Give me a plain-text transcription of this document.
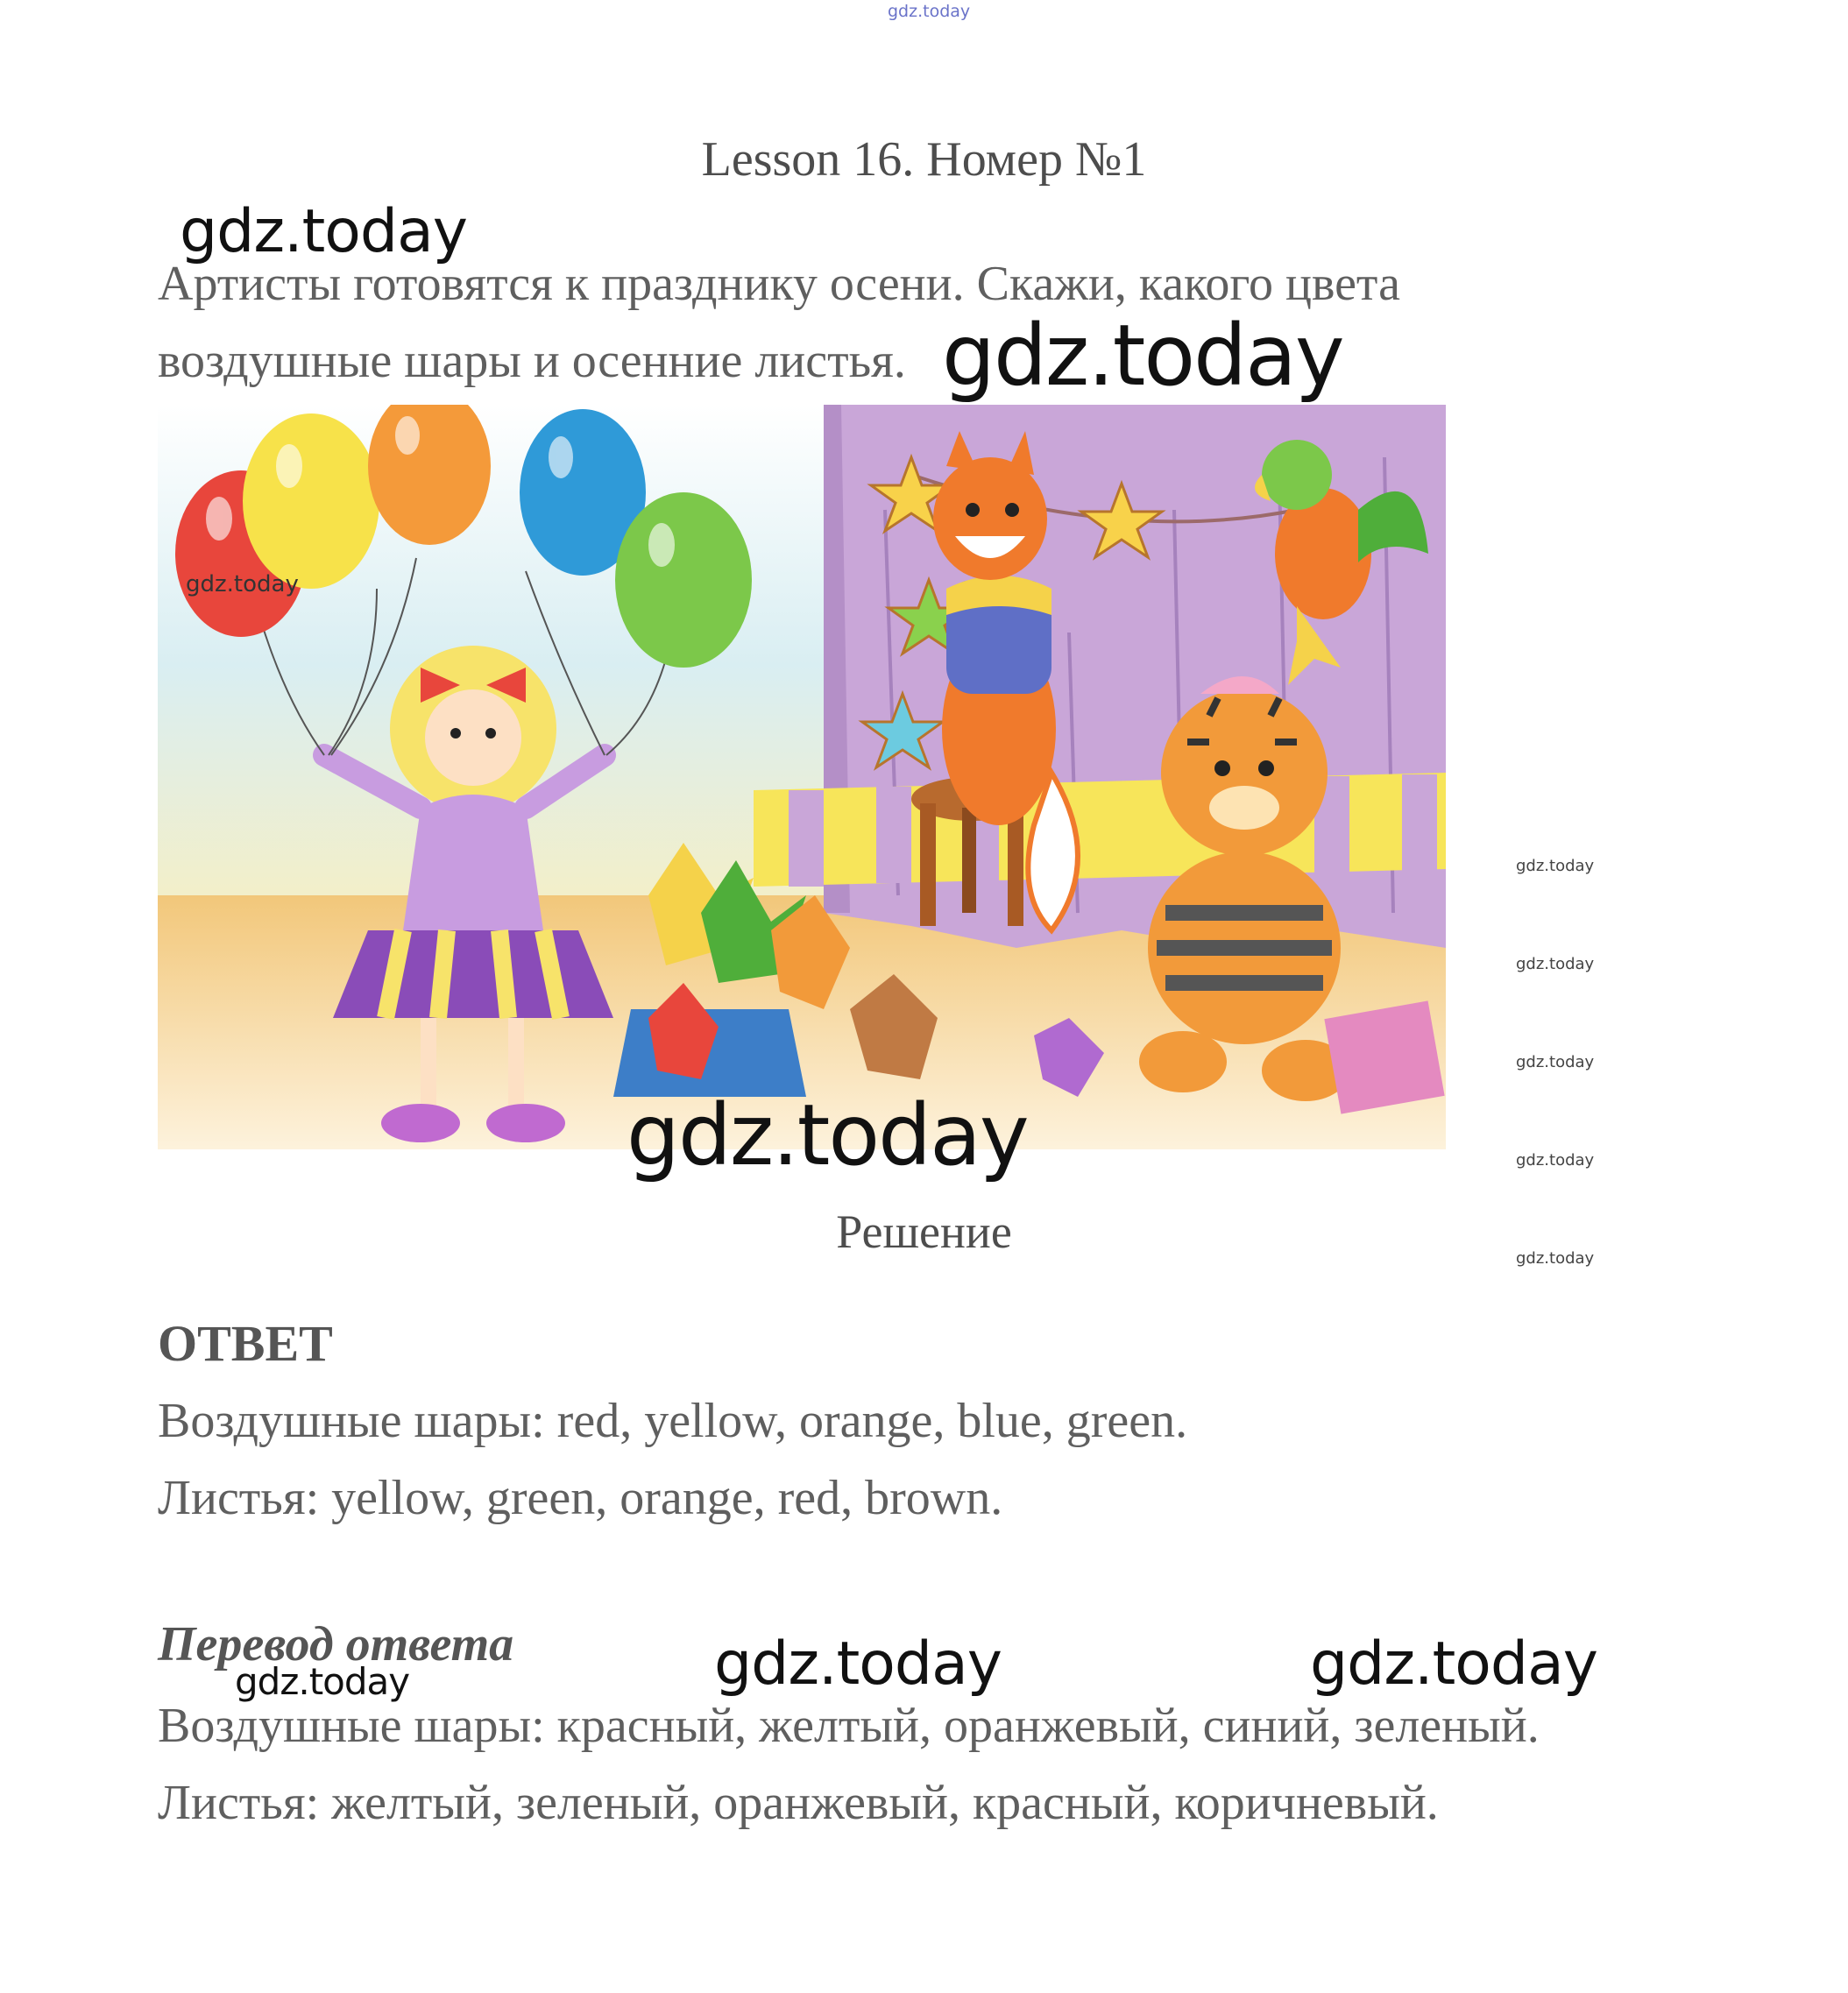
gdz.today
Lesson 16. Номер №1
gdz.today
Артисты готовятся к празднику осени. Скажи, какого цвета воздушные шары и осенние листья. gdz.today
gdz.today
gdz.today
gdz.today
gdz.today
gdz.today
gdz.today
gdz.today
Решение
ОТВЕТ
Воздушные шары: red, yellow, orange, blue, green.
Листья: yellow, green, orange, red, brown.
Перевод ответа
gdz.today	gdz.today	gdz.today
Воздушные шары: красный, желтый, оранжевый, синий, зеленый.
Листья: желтый, зеленый, оранжевый, красный, коричневый.
